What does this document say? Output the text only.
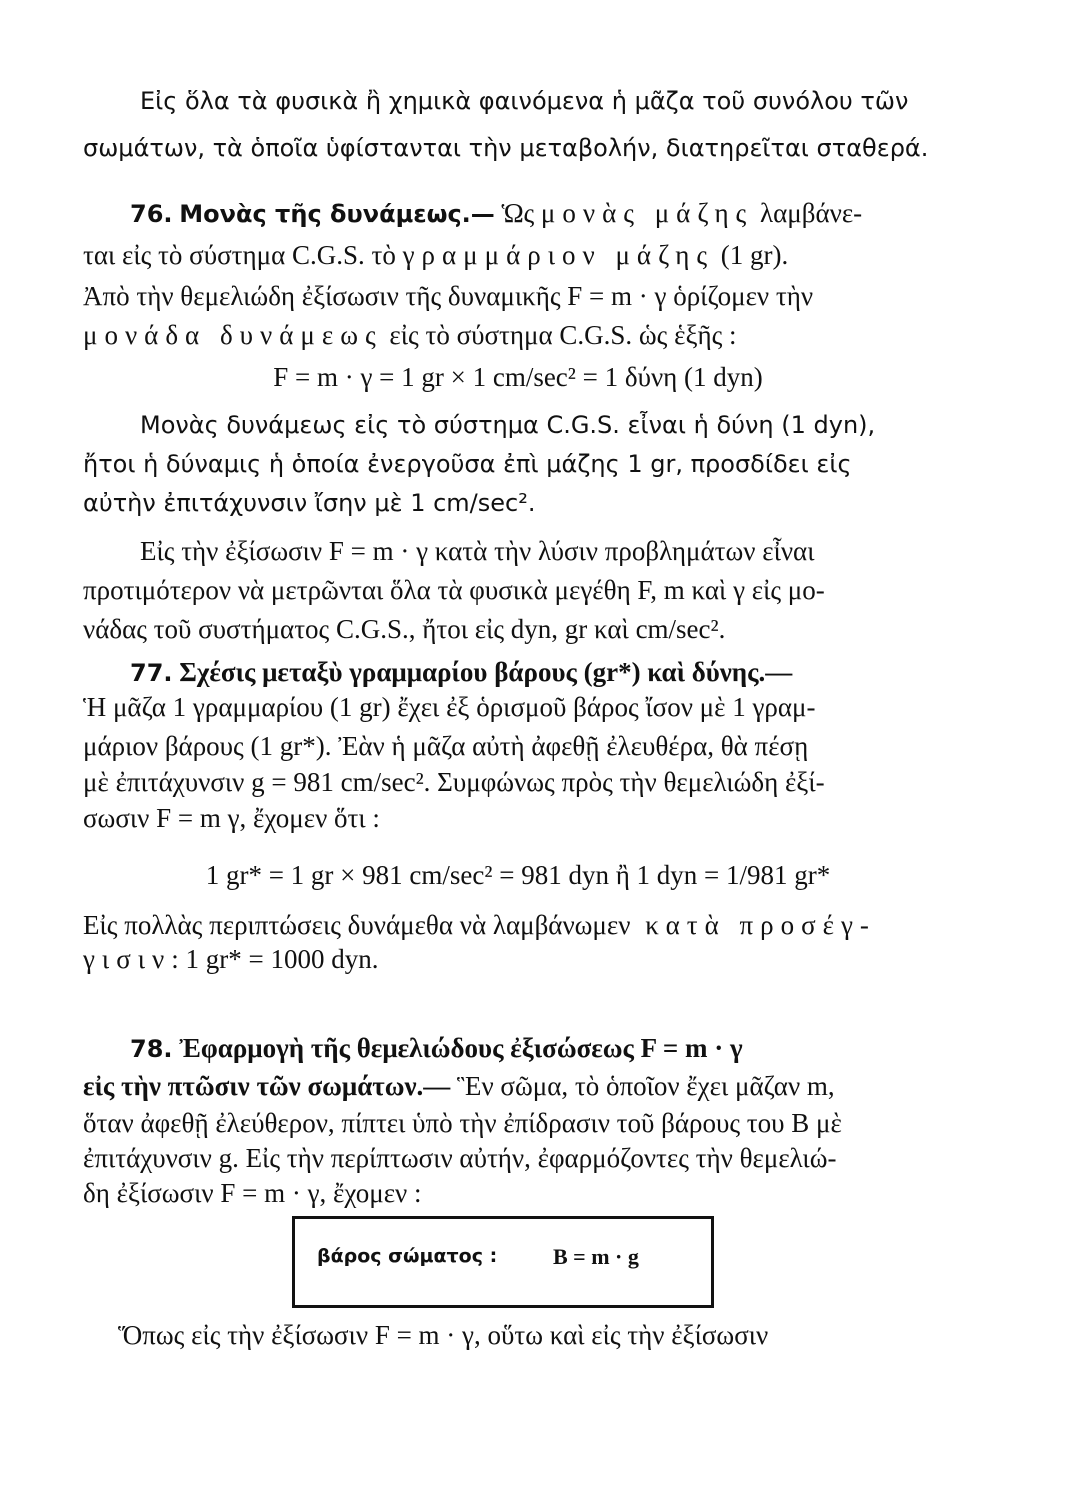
Εἰς ὅλα τὰ φυσικὰ ἢ χημικὰ φαινόμενα ἡ μᾶζα τοῦ συνόλου τῶν
σωμάτων, τὰ ὁποῖα ὑφίστανται τὴν μεταβολήν, διατηρεῖται σταθερά.
76. Μονὰς τῆς δυνάμεως.— Ὡς μονὰς μάζης λαμβάνε-
ται εἰς τὸ σύστημα C.G.S. τὸ γραμμάριον μάζης (1 gr).
Ἀπὸ τὴν θεμελιώδη ἐξίσωσιν τῆς δυναμικῆς F = m · γ ὁρίζομεν τὴν
μονάδα δυνάμεως εἰς τὸ σύστημα C.G.S. ὡς ἑξῆς :
F = m · γ = 1 gr × 1 cm/sec² = 1 δύνη (1 dyn)
Μονὰς δυνάμεως εἰς τὸ σύστημα C.G.S. εἶναι ἡ δύνη (1 dyn),
ἤτοι ἡ δύναμις ἡ ὁποία ἐνεργοῦσα ἐπὶ μάζης 1 gr, προσδίδει εἰς
αὐτὴν ἐπιτάχυνσιν ἴσην μὲ 1 cm/sec².
Εἰς τὴν ἐξίσωσιν F = m · γ κατὰ τὴν λύσιν προβλημάτων εἶναι
προτιμότερον νὰ μετρῶνται ὅλα τὰ φυσικὰ μεγέθη F, m καὶ γ εἰς μο-
νάδας τοῦ συστήματος C.G.S., ἤτοι εἰς dyn, gr καὶ cm/sec².
77. Σχέσις μεταξὺ γραμμαρίου βάρους (gr*) καὶ δύνης.—
Ἡ μᾶζα 1 γραμμαρίου (1 gr) ἔχει ἐξ ὁρισμοῦ βάρος ἴσον μὲ 1 γραμ-
μάριον βάρους (1 gr*). Ἐὰν ἡ μᾶζα αὐτὴ ἀφεθῇ ἐλευθέρα, θὰ πέσῃ
μὲ ἐπιτάχυνσιν g = 981 cm/sec². Συμφώνως πρὸς τὴν θεμελιώδη ἐξί-
σωσιν F = m γ, ἔχομεν ὅτι :
1 gr* = 1 gr × 981 cm/sec² = 981 dyn ἢ 1 dyn = 1/981 gr*
Εἰς πολλὰς περιπτώσεις δυνάμεθα νὰ λαμβάνωμεν κατὰ προσέγ-
γισιν: 1 gr* = 1000 dyn.
78. Ἐφαρμογὴ τῆς θεμελιώδους ἐξισώσεως F = m · γ
εἰς τὴν πτῶσιν τῶν σωμάτων.— Ἓν σῶμα, τὸ ὁποῖον ἔχει μᾶζαν m,
ὅταν ἀφεθῇ ἐλεύθερον, πίπτει ὑπὸ τὴν ἐπίδρασιν τοῦ βάρους του B μὲ
ἐπιτάχυνσιν g. Εἰς τὴν περίπτωσιν αὐτήν, ἐφαρμόζοντες τὴν θεμελιώ-
δη ἐξίσωσιν F = m · γ, ἔχομεν :
βάρος σώματος :	B = m · g
Ὅπως εἰς τὴν ἐξίσωσιν F = m · γ, οὕτω καὶ εἰς τὴν ἐξίσωσιν
